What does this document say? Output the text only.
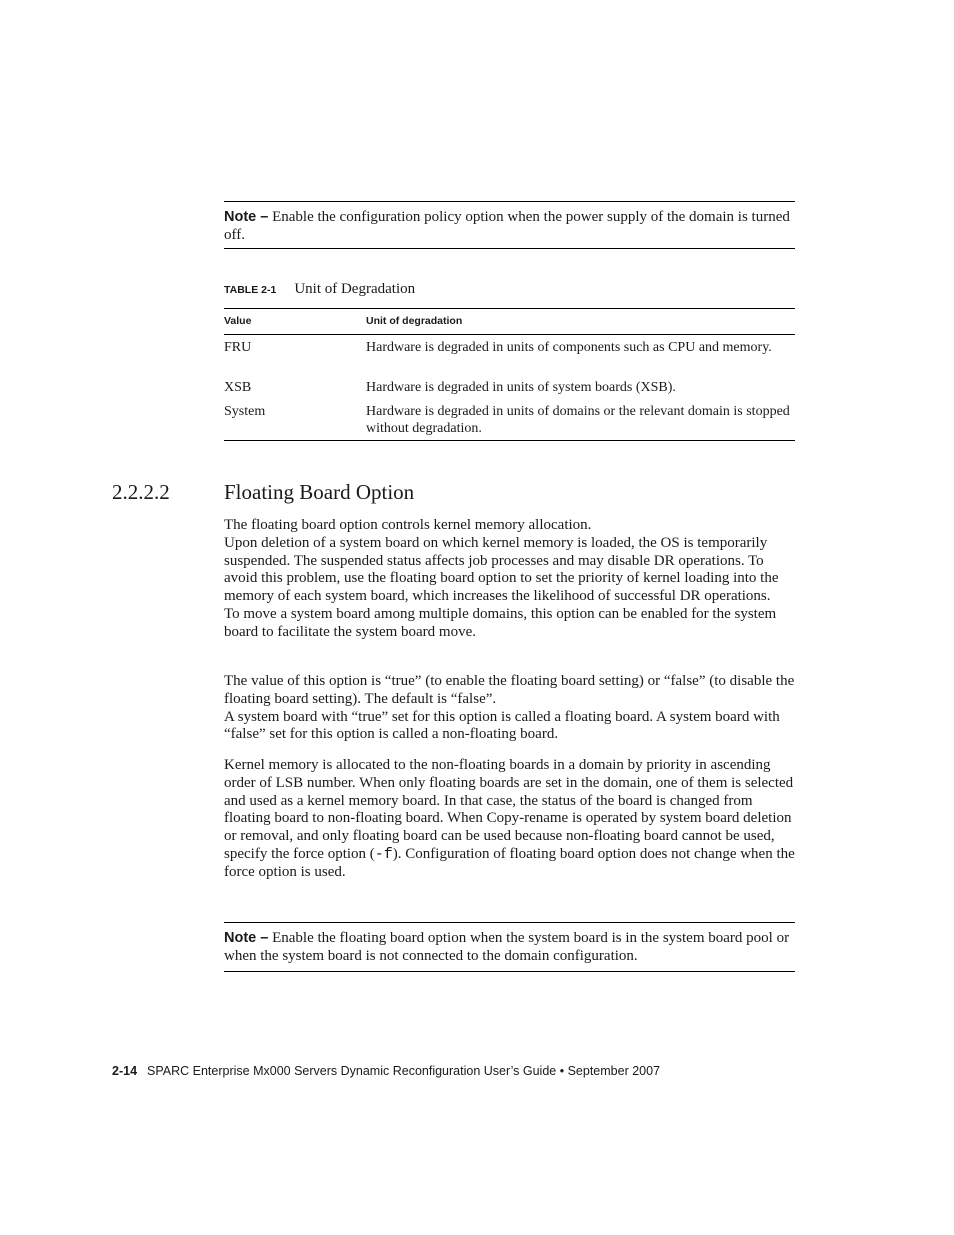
Note – Enable the configuration policy option when the power supply of the domain is turned off.
TABLE 2-1 Unit of Degradation
Value	Unit of degradation
FRU	Hardware is degraded in units of components such as CPU and memory.
XSB	Hardware is degraded in units of system boards (XSB).
System	Hardware is degraded in units of domains or the relevant domain is stopped without degradation.
2.2.2.2	Floating Board Option

The floating board option controls kernel memory allocation.

Upon deletion of a system board on which kernel memory is loaded, the OS is temporarily suspended. The suspended status affects job processes and may disable DR operations. To avoid this problem, use the floating board option to set the priority of kernel loading into the memory of each system board, which increases the likelihood of successful DR operations.

To move a system board among multiple domains, this option can be enabled for the system board to facilitate the system board move.

The value of this option is “true” (to enable the floating board setting) or “false” (to disable the floating board setting). The default is “false”.

A system board with “true” set for this option is called a floating board. A system board with “false” set for this option is called a non-floating board.

Kernel memory is allocated to the non-floating boards in a domain by priority in ascending order of LSB number. When only floating boards are set in the domain, one of them is selected and used as a kernel memory board. In that case, the status of the board is changed from floating board to non-floating board. When Copy-rename is operated by system board deletion or removal, and only floating board can be used because non-floating board cannot be used, specify the force option (-f). Configuration of floating board option does not change when the force option is used.

Note – Enable the floating board option when the system board is in the system board pool or when the system board is not connected to the domain configuration.
2-14 SPARC Enterprise Mx000 Servers Dynamic Reconfiguration User’s Guide • September 2007
